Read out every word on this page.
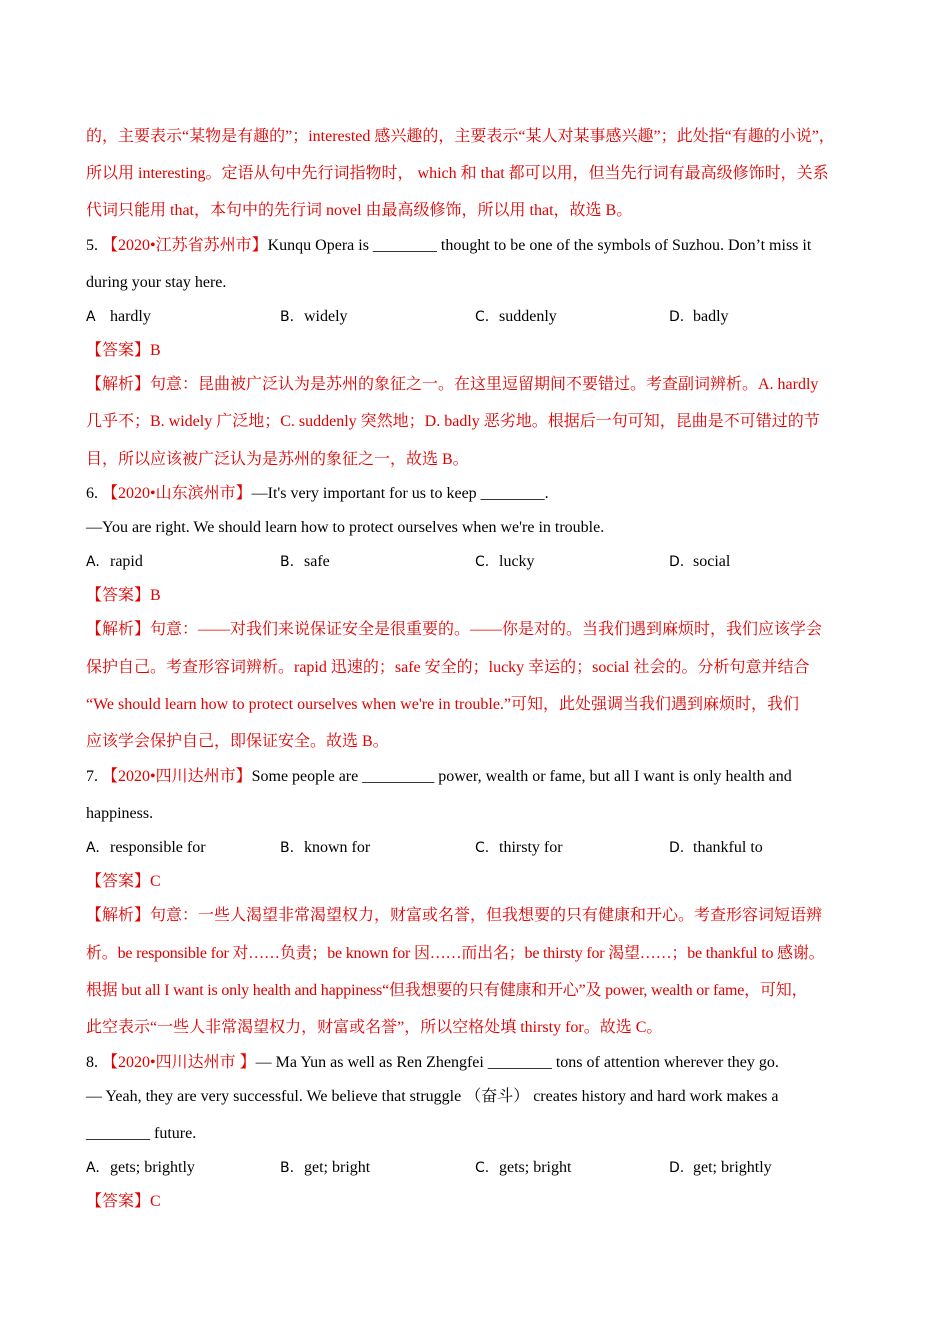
的，主要表示“某物是有趣的”；interested 感兴趣的，主要表示“某人对某事感兴趣”；此处指“有趣的小说”，
所以用 interesting。定语从句中先行词指物时， which 和 that 都可以用，但当先行词有最高级修饰时，关系
代词只能用 that，本句中的先行词 novel 由最高级修饰，所以用 that，故选 B。
5. 【2020•江苏省苏州市】Kunqu Opera is ________ thought to be one of the symbols of Suzhou. Don’t miss it
during your stay here.
A hardly	B. widely	C. suddenly	D. badly
【答案】B
【解析】句意：昆曲被广泛认为是苏州的象征之一。在这里逗留期间不要错过。考查副词辨析。A. hardly
几乎不；B. widely 广泛地；C. suddenly 突然地；D. badly 恶劣地。根据后一句可知，昆曲是不可错过的节
目，所以应该被广泛认为是苏州的象征之一，故选 B。
6. 【2020•山东滨州市】—It's very important for us to keep ________.
—You are right. We should learn how to protect ourselves when we're in trouble.
A. rapid	B. safe	C. lucky	D. social
【答案】B
【解析】句意：——对我们来说保证安全是很重要的。——你是对的。当我们遇到麻烦时，我们应该学会
保护自己。考查形容词辨析。rapid 迅速的；safe 安全的；lucky 幸运的；social 社会的。分析句意并结合
“We should learn how to protect ourselves when we're in trouble.”可知，此处强调当我们遇到麻烦时，我们
应该学会保护自己，即保证安全。故选 B。
7. 【2020•四川达州市】Some people are _________ power, wealth or fame, but all I want is only health and
happiness.
A. responsible for	B. known for	C. thirsty for	D. thankful to
【答案】C
【解析】句意：一些人渴望非常渴望权力，财富或名誉，但我想要的只有健康和开心。考查形容词短语辨
析。be responsible for 对……负责；be known for 因……而出名；be thirsty for 渴望……；be thankful to 感谢。
根据 but all I want is only health and happiness“但我想要的只有健康和开心”及 power, wealth or fame，可知，
此空表示“一些人非常渴望权力，财富或名誉”，所以空格处填 thirsty for。故选 C。
8. 【2020•四川达州市 】— Ma Yun as well as Ren Zhengfei ________ tons of attention wherever they go.
— Yeah, they are very successful. We believe that struggle （奋斗） creates history and hard work makes a
________ future.
A. gets; brightly	B. get; bright	C. gets; bright	D. get; brightly
【答案】C
